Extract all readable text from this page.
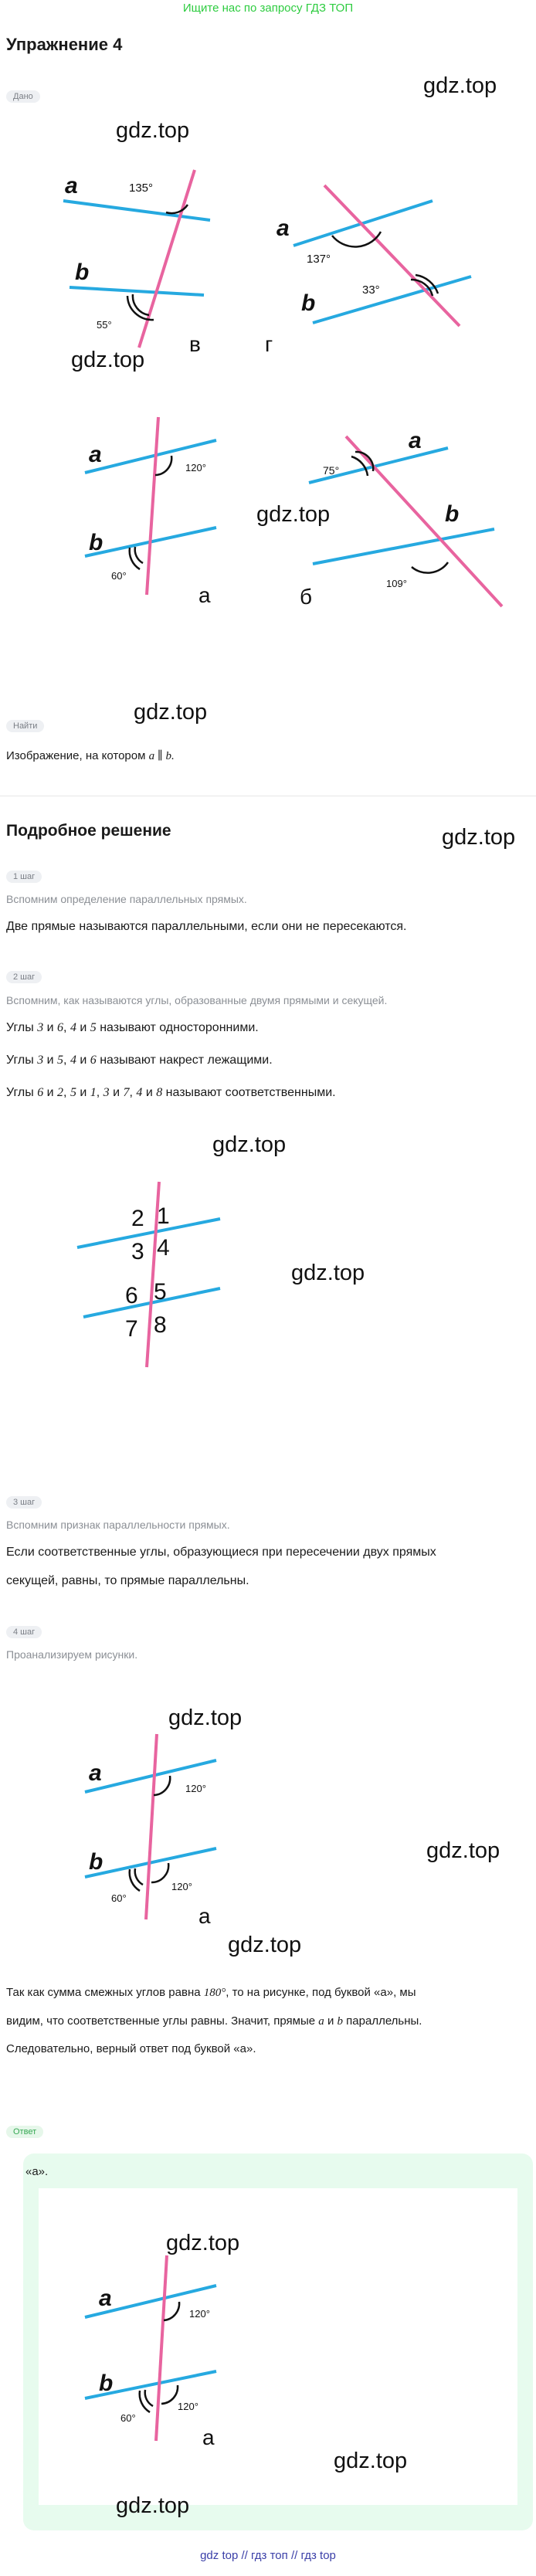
Ищите нас по запросу ГДЗ ТОП
Упражнение 4
gdz.top
Дано
135°
55°
a
b
в
137°
33°
a
b
г
120°
60°
a
b
а
75°
109°
a
b
б
gdz.top
gdz.top
gdz.top
Найти
gdz.top
Изображение, на котором a ∥ b.
Подробное решение	gdz.top
1 шаг
Вспомним определение параллельных прямых.
Две прямые называются параллельными, если они не пересекаются.
2 шаг
Вспомним, как называются углы, образованные двумя прямыми и секущей.
Углы 3 и 6, 4 и 5 называют односторонними.
Углы 3 и 5, 4 и 6 называют накрест лежащими.
Углы 6 и 2, 5 и 1, 3 и 7, 4 и 8 называют соответственными.
gdz.top
gdz.top
2 1
3 4
6 5
7 8
3 шаг
Вспомним признак параллельности прямых.
Если соответственные углы, образующиеся при пересечении двух прямых
секущей, равны, то прямые параллельны.
4 шаг
Проанализируем рисунки.
gdz.top
gdz.top
gdz.top
120°
120°
60°
a
b
а
Так как сумма смежных углов равна 180°, то на рисунке, под буквой «а», мы
видим, что соответственные углы равны. Значит, прямые a и b параллельны.
Следовательно, верный ответ под буквой «а».
Ответ
«а».
gdz.top
gdz.top
gdz.top
120°
120°
60°
a
b
а
gdz top // гдз топ // гдз top
